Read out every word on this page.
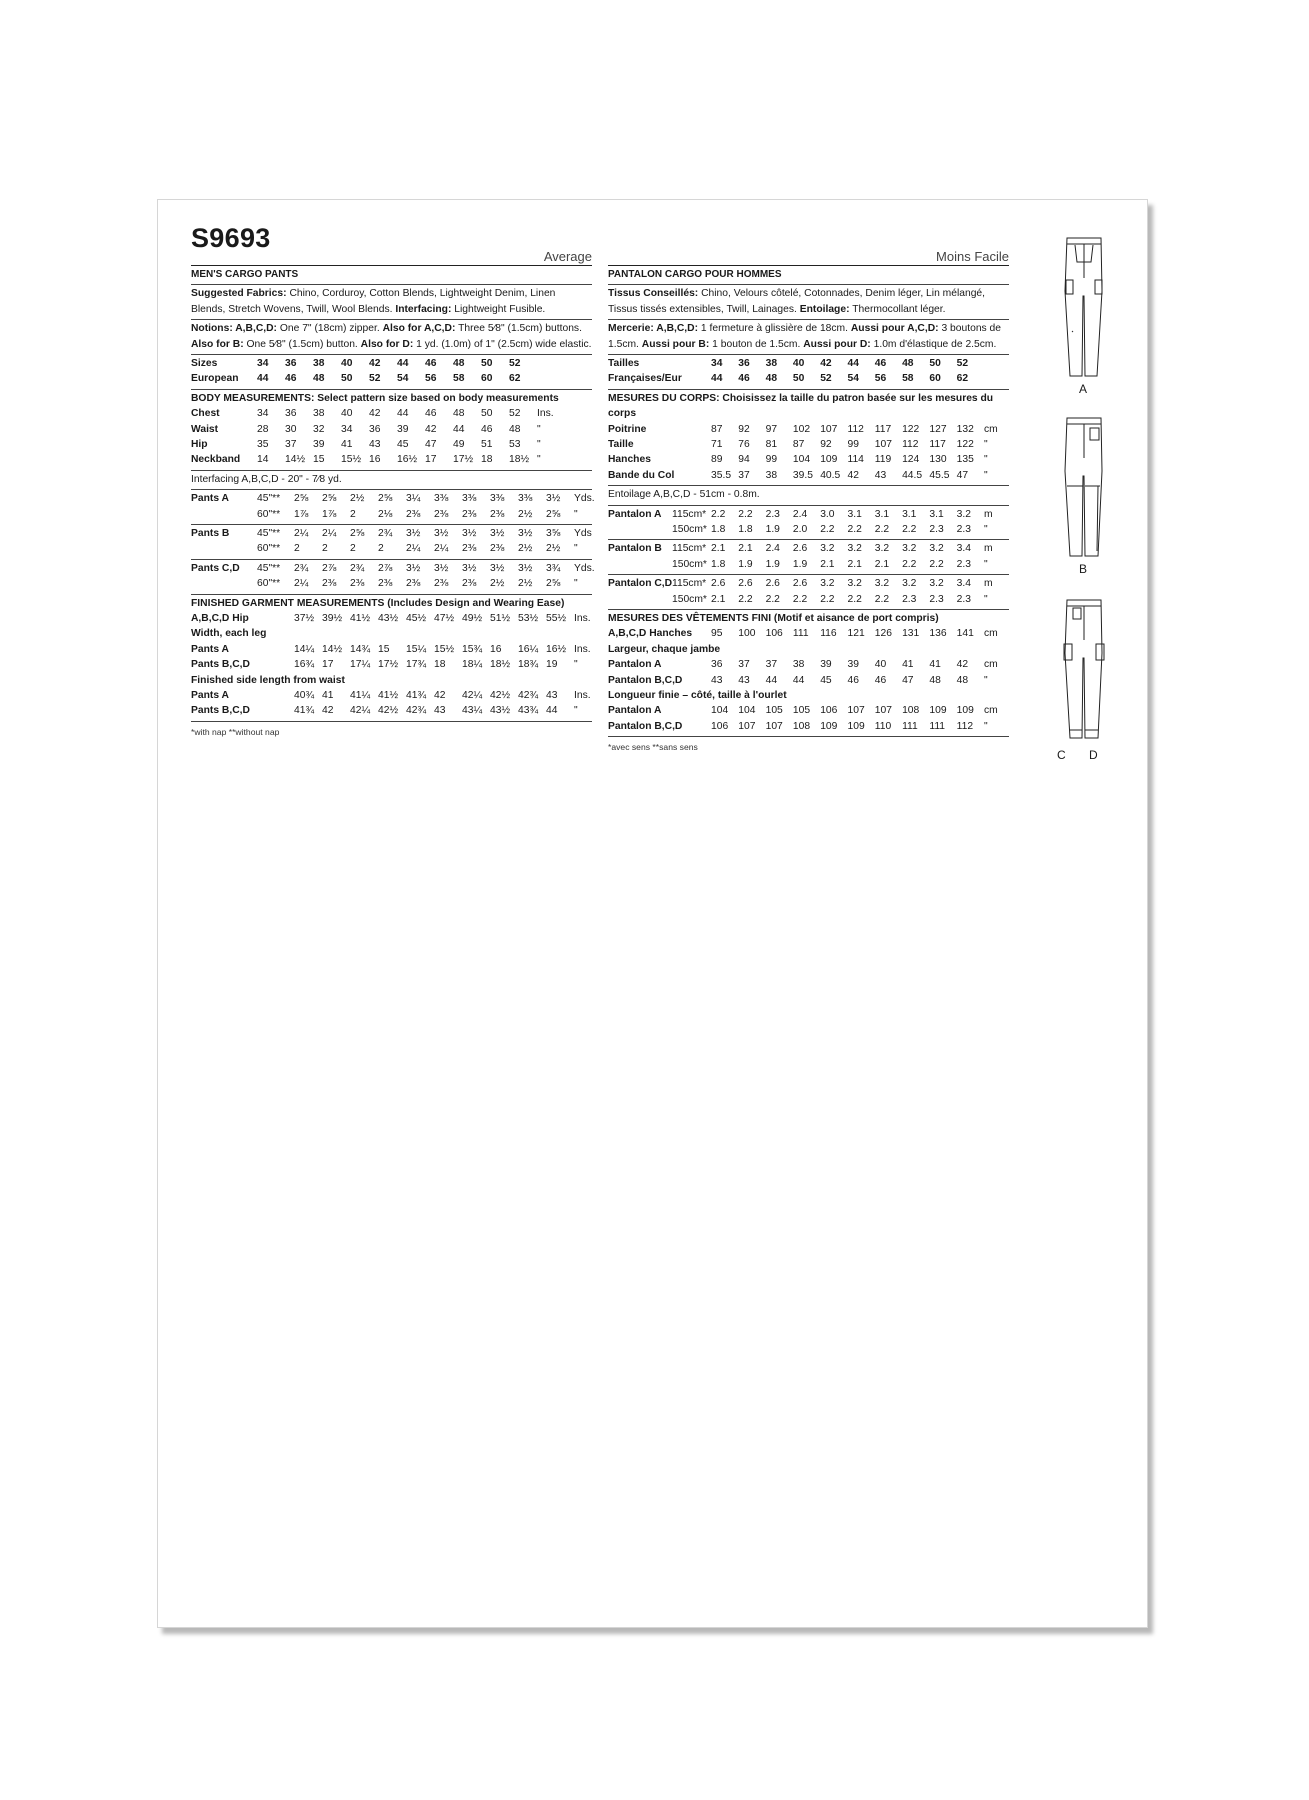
S9693
Average
MEN'S CARGO PANTS
Suggested Fabrics: Chino, Corduroy, Cotton Blends, Lightweight Denim, Linen Blends, Stretch Wovens, Twill, Wool Blends. Interfacing: Lightweight Fusible.
Notions: A,B,C,D: One 7" (18cm) zipper. Also for A,C,D: Three 5⁄8" (1.5cm) buttons. Also for B: One 5⁄8" (1.5cm) button. Also for D: 1 yd. (1.0m) of 1" (2.5cm) wide elastic.
Sizes	34	36	38	40	42	44	46	48	50	52
European	44	46	48	50	52	54	56	58	60	62
BODY MEASUREMENTS: Select pattern size based on body measurements
Chest	34	36	38	40	42	44	46	48	50	52	Ins.
Waist	28	30	32	34	36	39	42	44	46	48	"
Hip	35	37	39	41	43	45	47	49	51	53	"
Neckband	14	14½ 15	15½ 16	16½ 17	17½ 18	18½ "
Interfacing A,B,C,D - 20" - 7⁄8 yd.
Pants A	45"**	2⅝	2⅝	2½	2⅝	3¼	3⅜	3⅜	3⅜	3⅜	3½	Yds.
60"**	1⅞	1⅞	2	2⅛	2⅜	2⅜	2⅜	2⅜	2½	2⅝	"
Pants B	45"**	2¼	2¼	2⅝	2¾	3½	3½	3½	3½	3½	3⅝	Yds
60"**	2	2	2	2	2¼	2¼	2⅜	2⅜	2½	2½	"
Pants C,D	45"**	2¾	2⅞	2¾	2⅞	3½	3½	3½	3½	3½	3¾	Yds.
60"**	2¼	2⅜	2⅜	2⅜	2⅜	2⅜	2⅜	2½	2½	2⅝	"
FINISHED GARMENT MEASUREMENTS (Includes Design and Wearing Ease)
A,B,C,D Hip	37½ 39½ 41½ 43½ 45½ 47½ 49½ 51½ 53½ 55½ Ins.
Width, each leg
Pants A	14¼ 14½ 14¾ 15	15¼ 15½ 15¾ 16	16¼ 16½ Ins.
Pants B,C,D	16¾ 17	17¼ 17½ 17¾ 18	18¼ 18½ 18¾ 19	"
Finished side length from waist
Pants A	40¾ 41	41¼ 41½ 41¾ 42	42¼ 42½ 42¾ 43	Ins.
Pants B,C,D	41¾ 42	42¼ 42½ 42¾ 43	43¼ 43½ 43¾ 44	"
*with nap **without nap
Moins Facile
PANTALON CARGO POUR HOMMES
Tissus Conseillés: Chino, Velours côtelé, Cotonnades, Denim léger, Lin mélangé, Tissus tissés extensibles, Twill, Lainages. Entoilage: Thermocollant léger.
Mercerie: A,B,C,D: 1 fermeture à glissière de 18cm. Aussi pour A,C,D: 3 boutons de 1.5cm. Aussi pour B: 1 bouton de 1.5cm. Aussi pour D: 1.0m d'élastique de 2.5cm.
Tailles	34	36	38	40	42	44	46	48	50	52
Françaises/Eur	44	46	48	50	52	54	56	58	60	62
MESURES DU CORPS: Choisissez la taille du patron basée sur les mesures du corps
Poitrine	87	92	97	102 107 112	117	122 127 132 cm
Taille	71	76	81	87	92	99	107 112	117	122 "
Hanches	89	94	99	104 109 114	119	124 130 135 "
Bande du Col	35.5 37	38	39.5 40.5 42	43	44.5 45.5 47	"
Entoilage A,B,C,D - 51cm - 0.8m.
Pantalon A	115cm* 2.2	2.2	2.3	2.4	3.0	3.1	3.1	3.1	3.1	3.2	m
150cm* 1.8	1.8	1.9	2.0	2.2	2.2	2.2	2.2	2.3	2.3	"
Pantalon B 115cm* 2.1	2.1	2.4	2.6	3.2	3.2	3.2	3.2	3.2	3.4	m
150cm* 1.8	1.9	1.9	1.9	2.1	2.1	2.1	2.2	2.2	2.3	"
Pantalon C,D 115cm* 2.6	2.6	2.6	2.6	3.2	3.2	3.2	3.2	3.2	3.4	m
150cm* 2.1	2.2	2.2	2.2	2.2	2.2	2.2	2.3	2.3	2.3	"
MESURES DES VÊTEMENTS FINI (Motif et aisance de port compris)
A,B,C,D Hanches	95	100 106 111	116	121 126 131 136 141 cm
Largeur, chaque jambe
Pantalon A	36	37	37	38	39	39	40	41	41	42	cm
Pantalon B,C,D	43	43	44	44	45	46	46	47	48	48	"
Longueur finie – côté, taille à l'ourlet
Pantalon A	104 104 105 105 106 107 107 108 109 109 cm
Pantalon B,C,D	106 107 107 108 109 109 110	111	111	112	"
*avec sens **sans sens
A
B
C D
